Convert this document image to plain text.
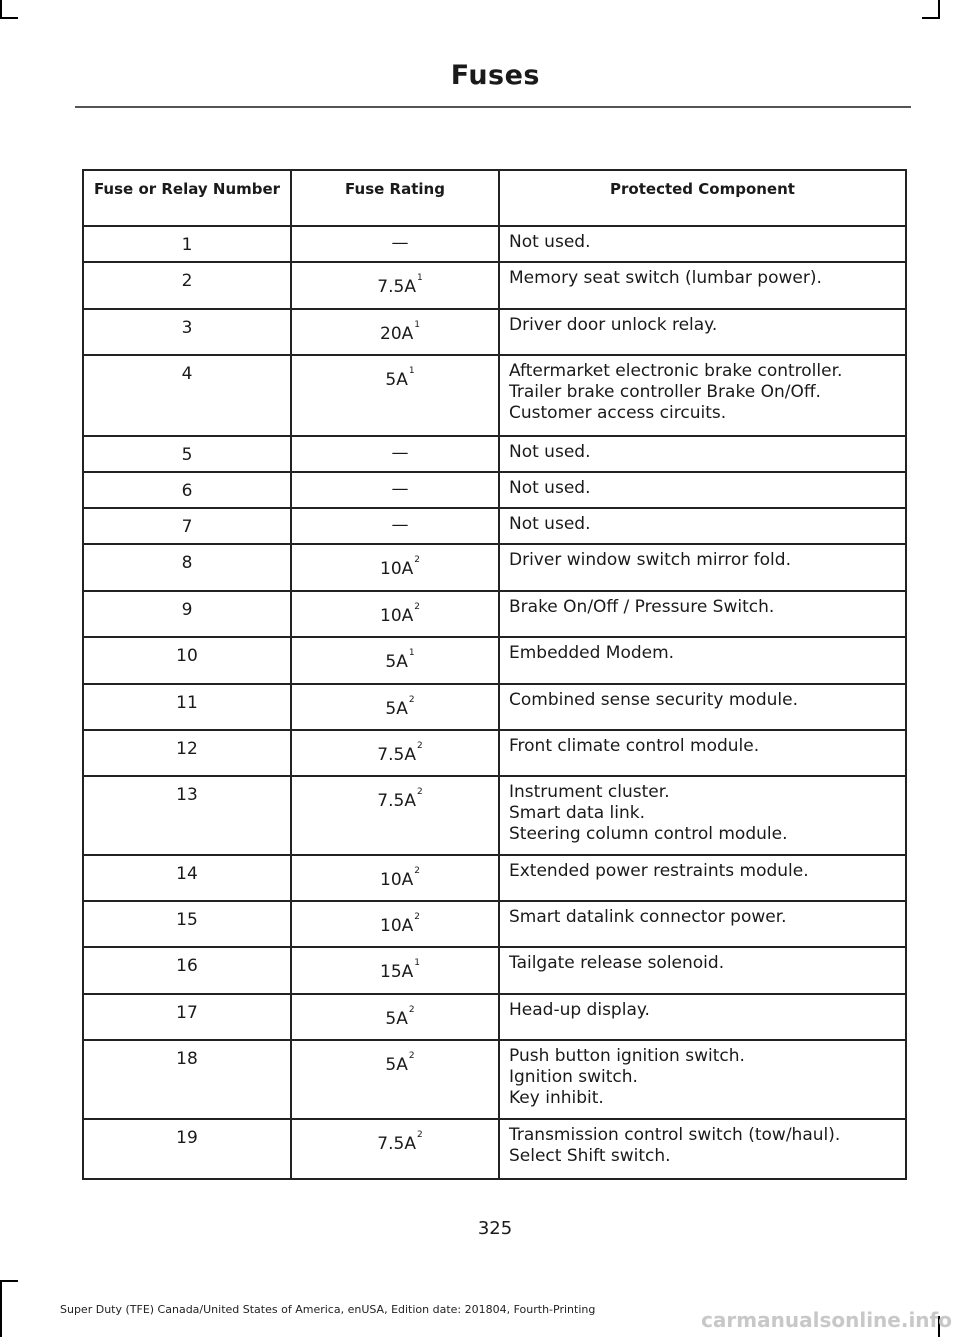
Fuses
Fuse or Relay Number	Fuse Rating	Protected Component
1	—	Not used.

2	$7.5A^1$	Memory seat switch (lumbar power).

3	$20A^1$	Driver door unlock relay.

4	$5A^1$	Aftermarket electronic brake controller.
Trailer brake controller Brake On/Off.
Customer access circuits.

5	—	Not used.

6	—	Not used.

7	—	Not used.

8	$10A^2$	Driver window switch mirror fold.

9	$10A^2$	Brake On/Off / Pressure Switch.

10	$5A^1$	Embedded Modem.

11	$5A^2$	Combined sense security module.

12	$7.5A^2$	Front climate control module.

13	$7.5A^2$	Instrument cluster.
Smart data link.
Steering column control module.

14	$10A^2$	Extended power restraints module.

15	$10A^2$	Smart datalink connector power.

16	$15A^1$	Tailgate release solenoid.

17	$5A^2$	Head-up display.

18	$5A^2$	Push button ignition switch.
Ignition switch.
Key inhibit.

19	$7.5A^2$	Transmission control switch (tow/haul).
Select Shift switch.
325
Super Duty (TFE) Canada/United States of America, enUSA, Edition date: 201804, Fourth-Printing	carmanualsonline.info
